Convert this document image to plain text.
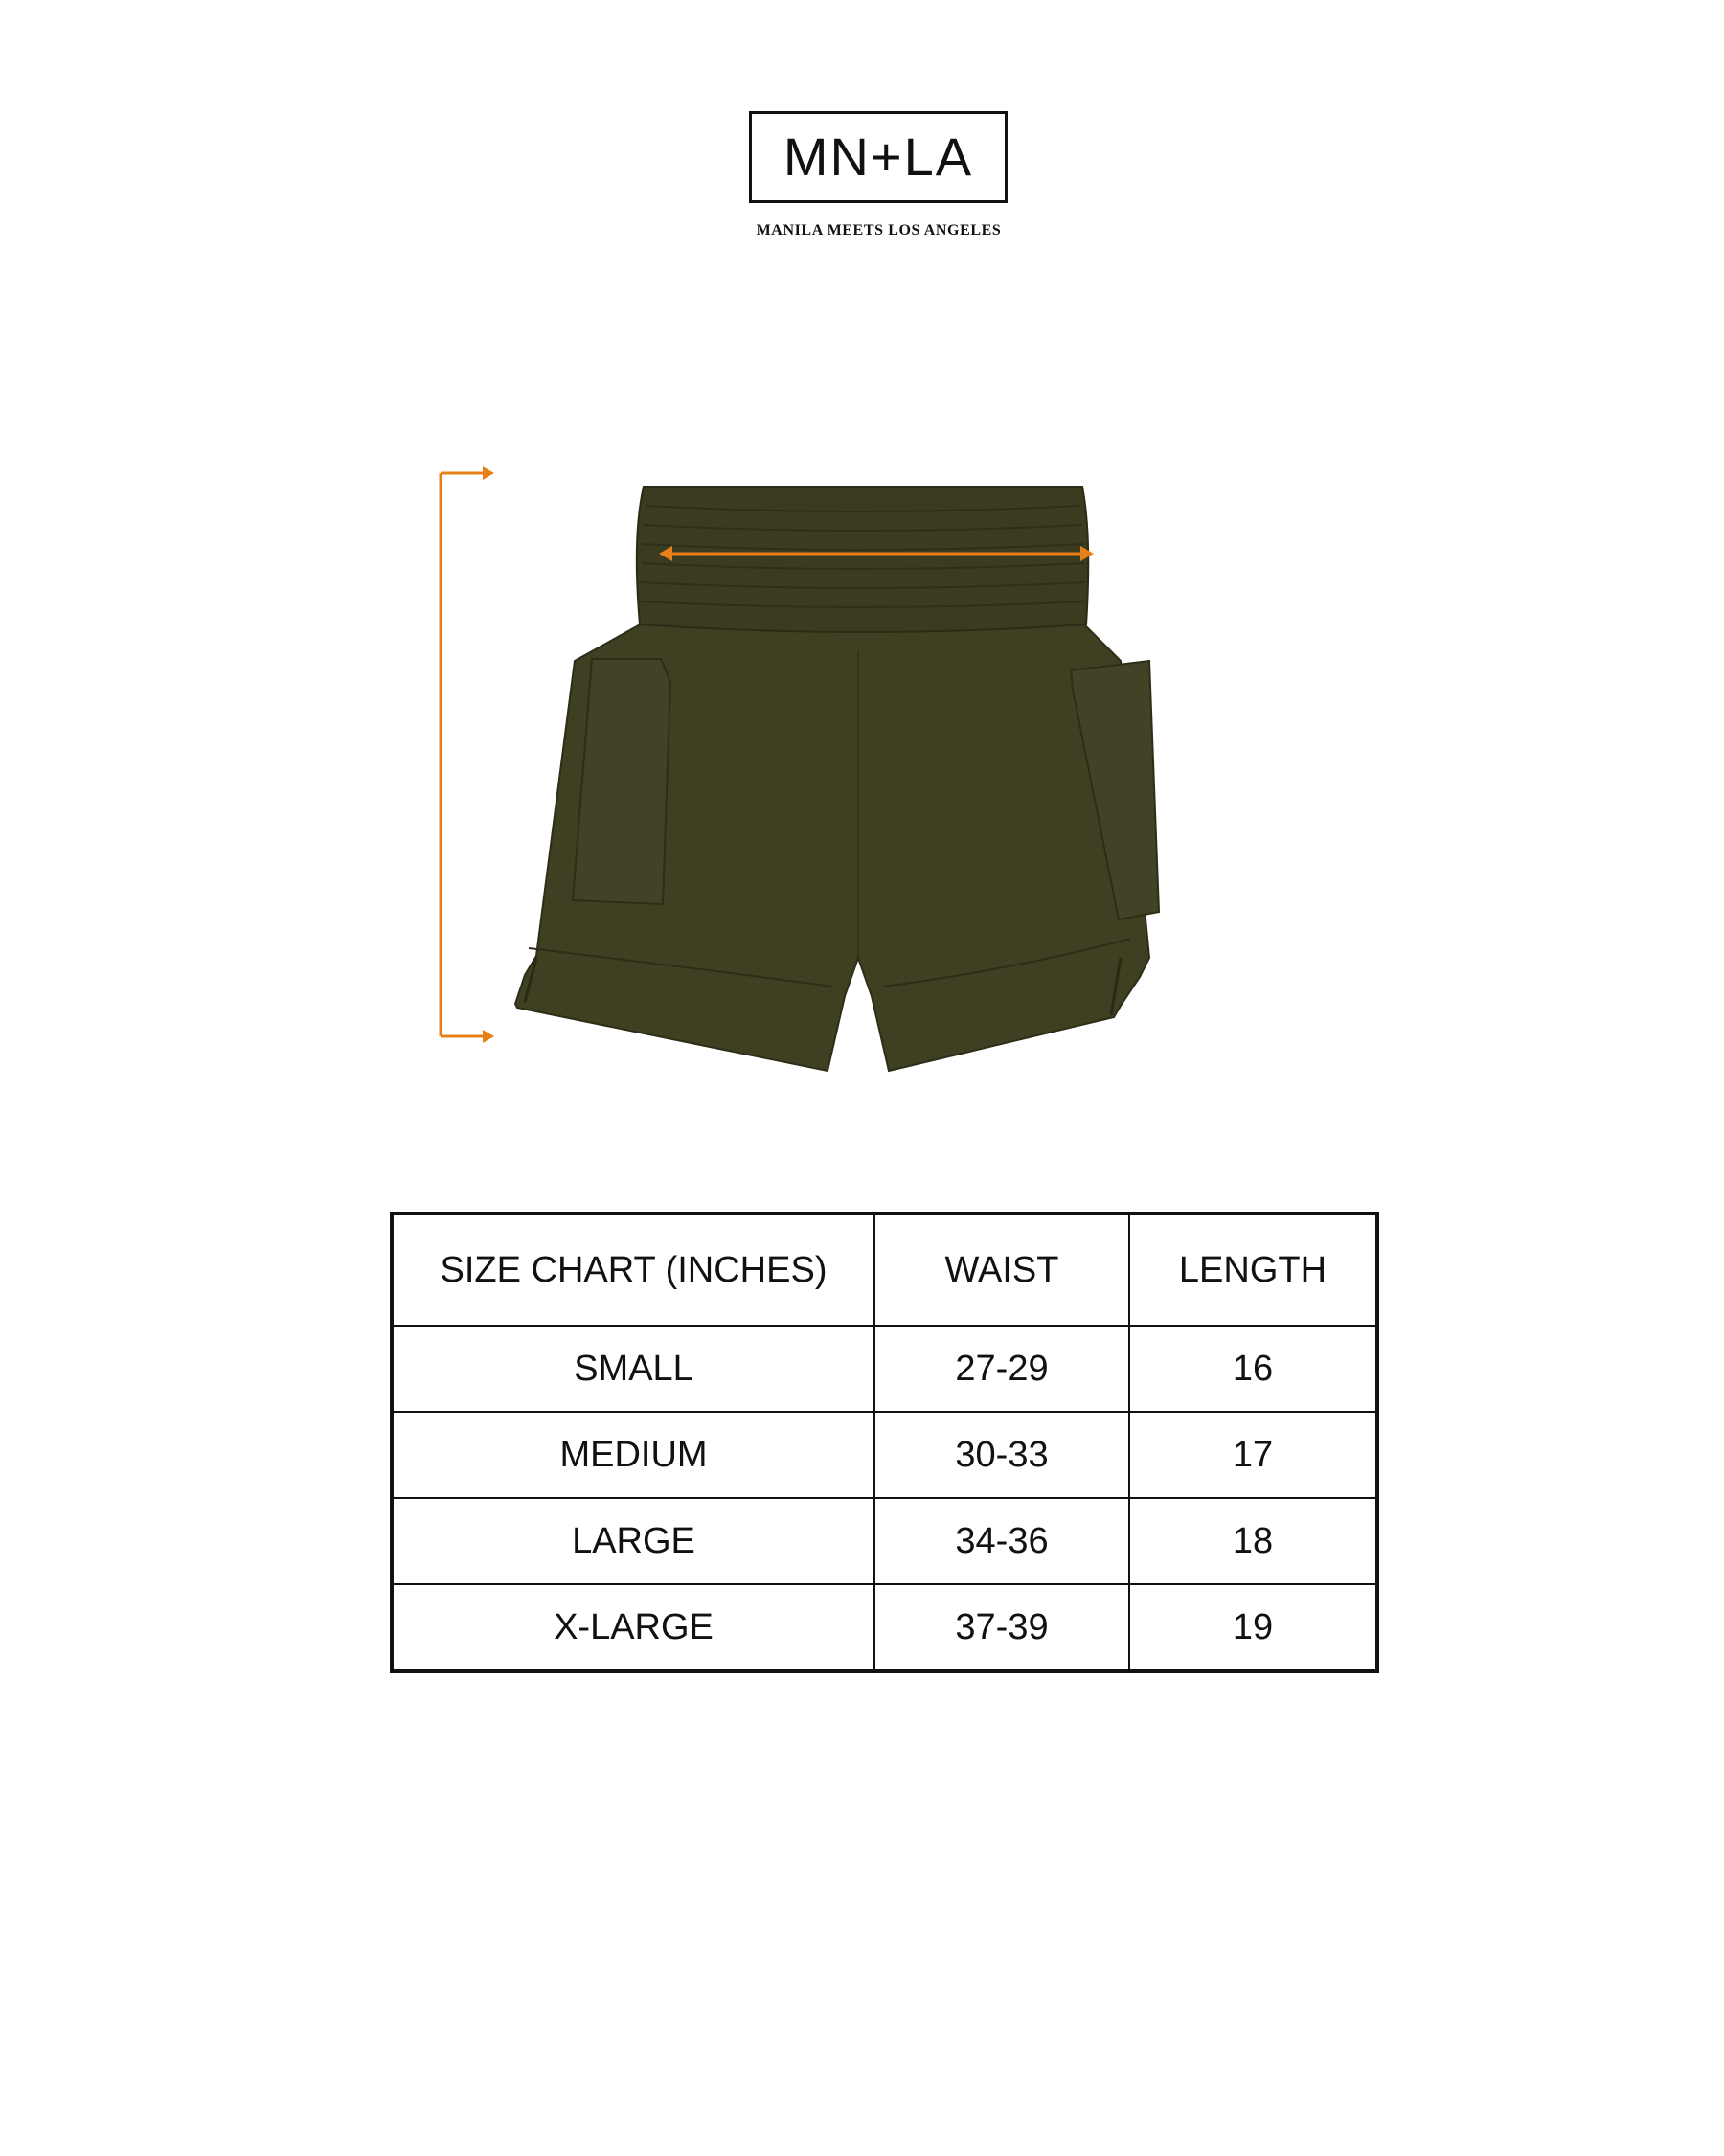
MN+LA
MANILA MEETS LOS ANGELES
SIZE CHART (INCHES)	WAIST	LENGTH
SMALL	27-29	16
MEDIUM	30-33	17
LARGE	34-36	18
X-LARGE	37-39	19
